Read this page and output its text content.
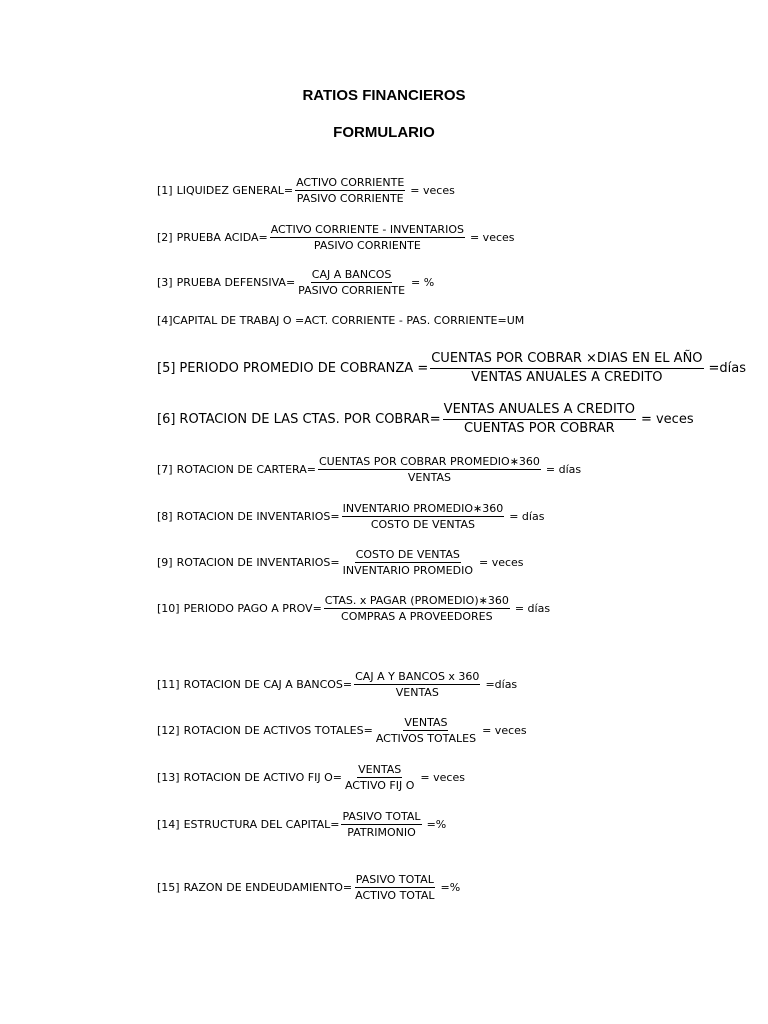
RATIOS FINANCIEROS
FORMULARIO
[1] LIQUIDEZ GENERAL= $\frac{\text{ACTIVO CORRIENTE}}{\text{PASIVO CORRIENTE}}$ = veces
[2] PRUEBA ACIDA= $\frac{\text{ACTIVO CORRIENTE - INVENTARIOS}}{\text{PASIVO CORRIENTE}}$ = veces
[3] PRUEBA DEFENSIVA= $\frac{\text{CAJ A BANCOS}}{\text{PASIVO CORRIENTE}}$ = %
[4] CAPITAL DE TRABAJ O =ACT. CORRIENTE - PAS. CORRIENTE=UM
[5] PERIODO PROMEDIO DE COBRANZA = $\frac{\text{CUENTAS POR COBRAR ×DIAS EN EL AÑO}}{\text{VENTAS ANUALES A CREDITO}}$ =días
[6] ROTACION DE LAS CTAS. POR COBRAR= $\frac{\text{VENTAS ANUALES A CREDITO}}{\text{CUENTAS POR COBRAR}}$ = veces
[7] ROTACION DE CARTERA= $\frac{\text{CUENTAS POR COBRAR PROMEDIO∗360}}{\text{VENTAS}}$ = días
[8] ROTACION DE INVENTARIOS= $\frac{\text{INVENTARIO PROMEDIO∗360}}{\text{COSTO DE VENTAS}}$ = días
[9] ROTACION DE INVENTARIOS= $\frac{\text{COSTO DE VENTAS}}{\text{INVENTARIO PROMEDIO}}$ = veces
[10] PERIODO PAGO A PROV= $\frac{\text{CTAS. x PAGAR (PROMEDIO)∗360}}{\text{COMPRAS A PROVEEDORES}}$ = días
[11] ROTACION DE CAJ A BANCOS= $\frac{\text{CAJ A Y BANCOS x 360}}{\text{VENTAS}}$ =días
[12] ROTACION DE ACTIVOS TOTALES= $\frac{\text{VENTAS}}{\text{ACTIVOS TOTALES}}$ = veces
[13] ROTACION DE ACTIVO FIJ $O= \frac{\text{VENTAS}}{\text{ACTIVO FIJ O}}$ = veces
[14] ESTRUCTURA DEL CAPITAL= $\frac{\text{PASIVO TOTAL}}{\text{PATRIMONIO}}$ =%
[15] RAZON DE ENDEUDAMIENTO= $\frac{\text{PASIVO TOTAL}}{\text{ACTIVO TOTAL}}$ =%
